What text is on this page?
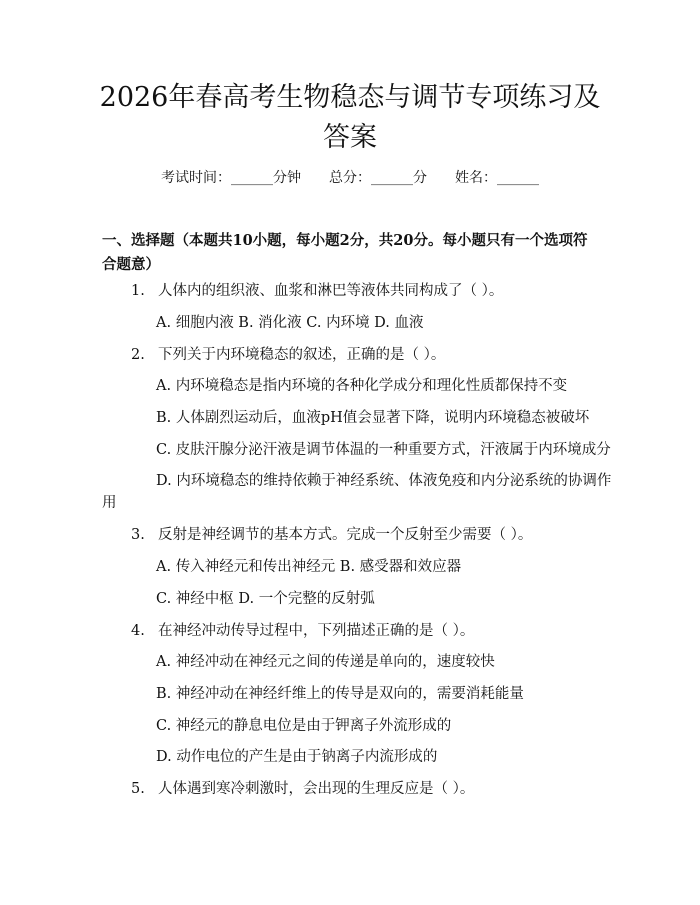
2026年春高考生物稳态与调节专项练习及答案
考试时间：______分钟 总分：______分 姓名：______
一、选择题（本题共10小题，每小题2分，共20分。每小题只有一个选项符合题意）
1. 人体内的组织液、血浆和淋巴等液体共同构成了（ ）。
A. 细胞内液 B. 消化液 C. 内环境 D. 血液
2. 下列关于内环境稳态的叙述，正确的是（ ）。
A. 内环境稳态是指内环境的各种化学成分和理化性质都保持不变
B. 人体剧烈运动后，血液pH值会显著下降，说明内环境稳态被破坏
C. 皮肤汗腺分泌汗液是调节体温的一种重要方式，汗液属于内环境成分
D. 内环境稳态的维持依赖于神经系统、体液免疫和内分泌系统的协调作
用
3. 反射是神经调节的基本方式。完成一个反射至少需要（ ）。
A. 传入神经元和传出神经元 B. 感受器和效应器
C. 神经中枢 D. 一个完整的反射弧
4. 在神经冲动传导过程中，下列描述正确的是（ ）。
A. 神经冲动在神经元之间的传递是单向的，速度较快
B. 神经冲动在神经纤维上的传导是双向的，需要消耗能量
C. 神经元的静息电位是由于钾离子外流形成的
D. 动作电位的产生是由于钠离子内流形成的
5. 人体遇到寒冷刺激时，会出现的生理反应是（ ）。
